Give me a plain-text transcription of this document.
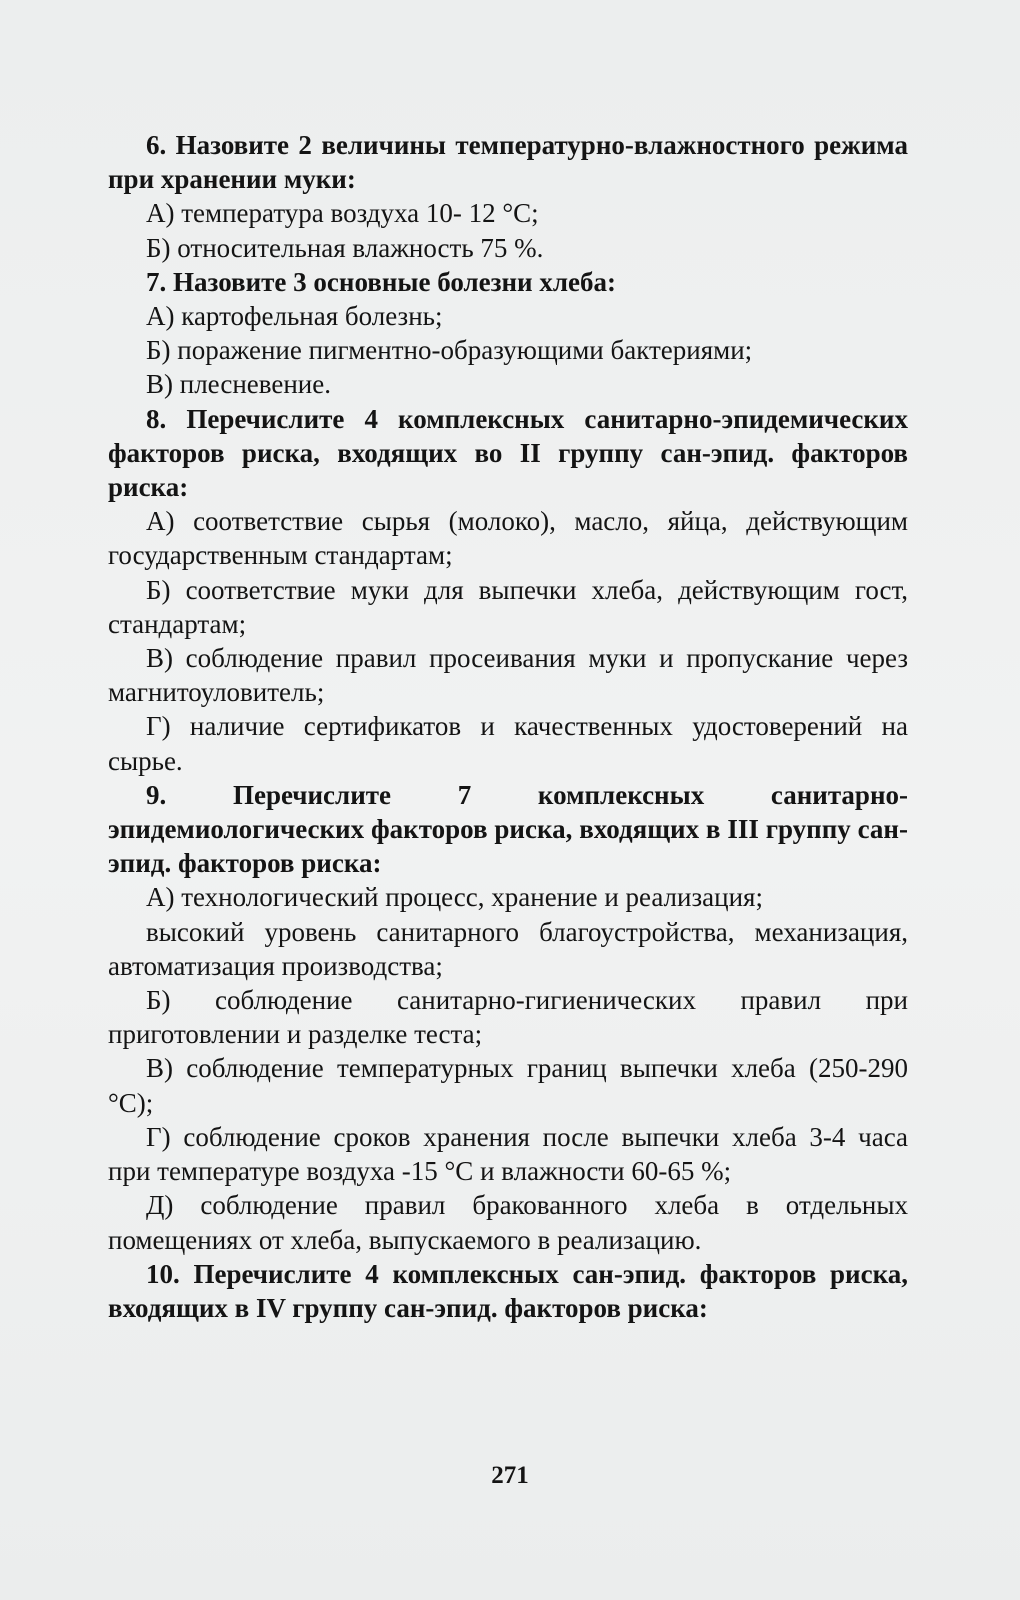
6. Назовите 2 величины температурно-влажностного режима при хранении муки:

А) температура воздуха 10- 12 °С;

Б) относительная влажность 75 %.

7. Назовите 3 основные болезни хлеба:

А) картофельная болезнь;

Б) поражение пигментно-образующими бактериями;

В) плесневение.

8. Перечислите 4 комплексных санитарно-эпидемических факторов риска, входящих во II группу сан-эпид. факторов риска:

А) соответствие сырья (молоко), масло, яйца, действующим государственным стандартам;

Б) соответствие муки для выпечки хлеба, действующим гост, стандартам;

В) соблюдение правил просеивания муки и пропускание через магнитоуловитель;

Г) наличие сертификатов и качественных удостоверений на сырье.

9. Перечислите 7 комплексных санитарно-эпидемиологических факторов риска, входящих в III группу сан-эпид. факторов риска:

А) технологический процесс, хранение и реализация;

высокий уровень санитарного благоустройства, механизация, автоматизация производства;

Б) соблюдение санитарно-гигиенических правил при приготовлении и разделке теста;

В) соблюдение температурных границ выпечки хлеба (250-290 °С);

Г) соблюдение сроков хранения после выпечки хлеба 3-4 часа при температуре воздуха -15 °С и влажности 60-65 %;

Д) соблюдение правил бракованного хлеба в отдельных помещениях от хлеба, выпускаемого в реализацию.

10. Перечислите 4 комплексных сан-эпид. факторов риска, входящих в IV группу сан-эпид. факторов риска:

271
